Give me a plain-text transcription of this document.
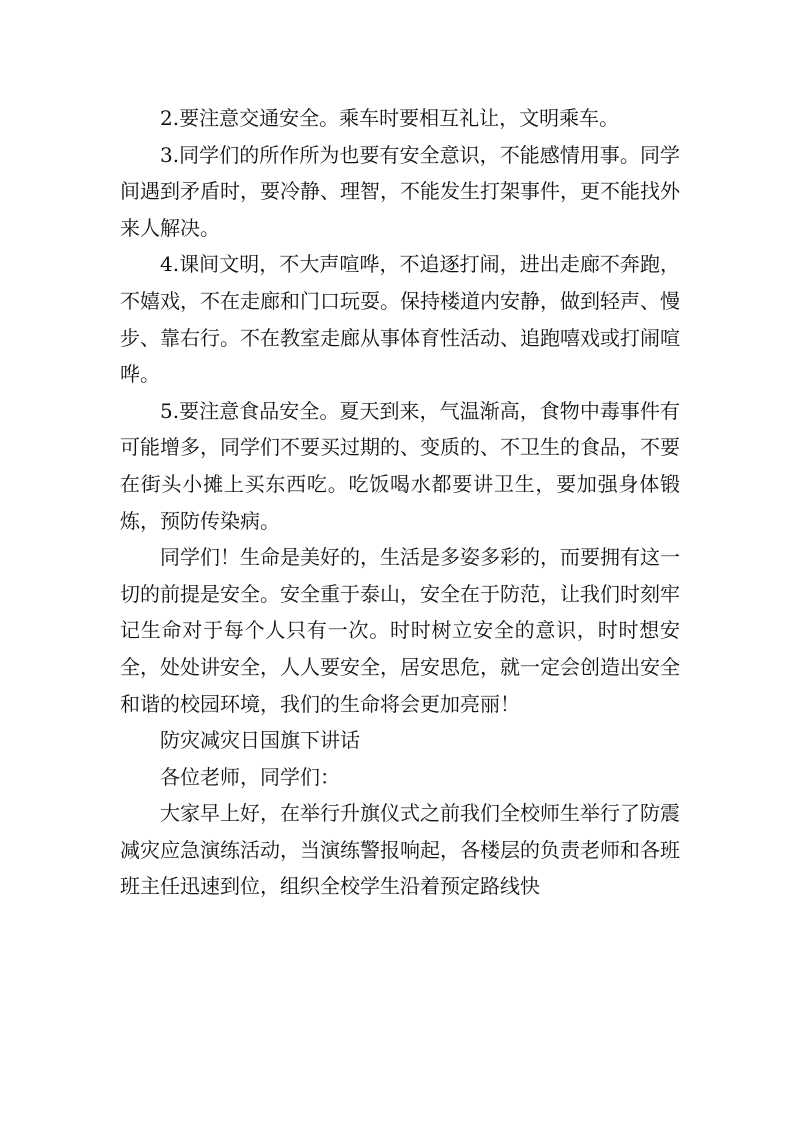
2.要注意交通安全。乘车时要相互礼让，文明乘车。

3.同学们的所作所为也要有安全意识，不能感情用事。同学间遇到矛盾时，要冷静、理智，不能发生打架事件，更不能找外来人解决。

4.课间文明，不大声喧哗，不追逐打闹，进出走廊不奔跑，不嬉戏，不在走廊和门口玩耍。保持楼道内安静，做到轻声、慢步、靠右行。不在教室走廊从事体育性活动、追跑嘻戏或打闹喧哗。

5.要注意食品安全。夏天到来，气温渐高，食物中毒事件有可能增多，同学们不要买过期的、变质的、不卫生的食品，不要在街头小摊上买东西吃。吃饭喝水都要讲卫生，要加强身体锻炼，预防传染病。

同学们！生命是美好的，生活是多姿多彩的，而要拥有这一切的前提是安全。安全重于泰山，安全在于防范，让我们时刻牢记生命对于每个人只有一次。时时树立安全的意识，时时想安全，处处讲安全，人人要安全，居安思危，就一定会创造出安全和谐的校园环境，我们的生命将会更加亮丽！

防灾减灾日国旗下讲话

各位老师，同学们：

大家早上好，在举行升旗仪式之前我们全校师生举行了防震减灾应急演练活动，当演练警报响起，各楼层的负责老师和各班班主任迅速到位，组织全校学生沿着预定路线快
